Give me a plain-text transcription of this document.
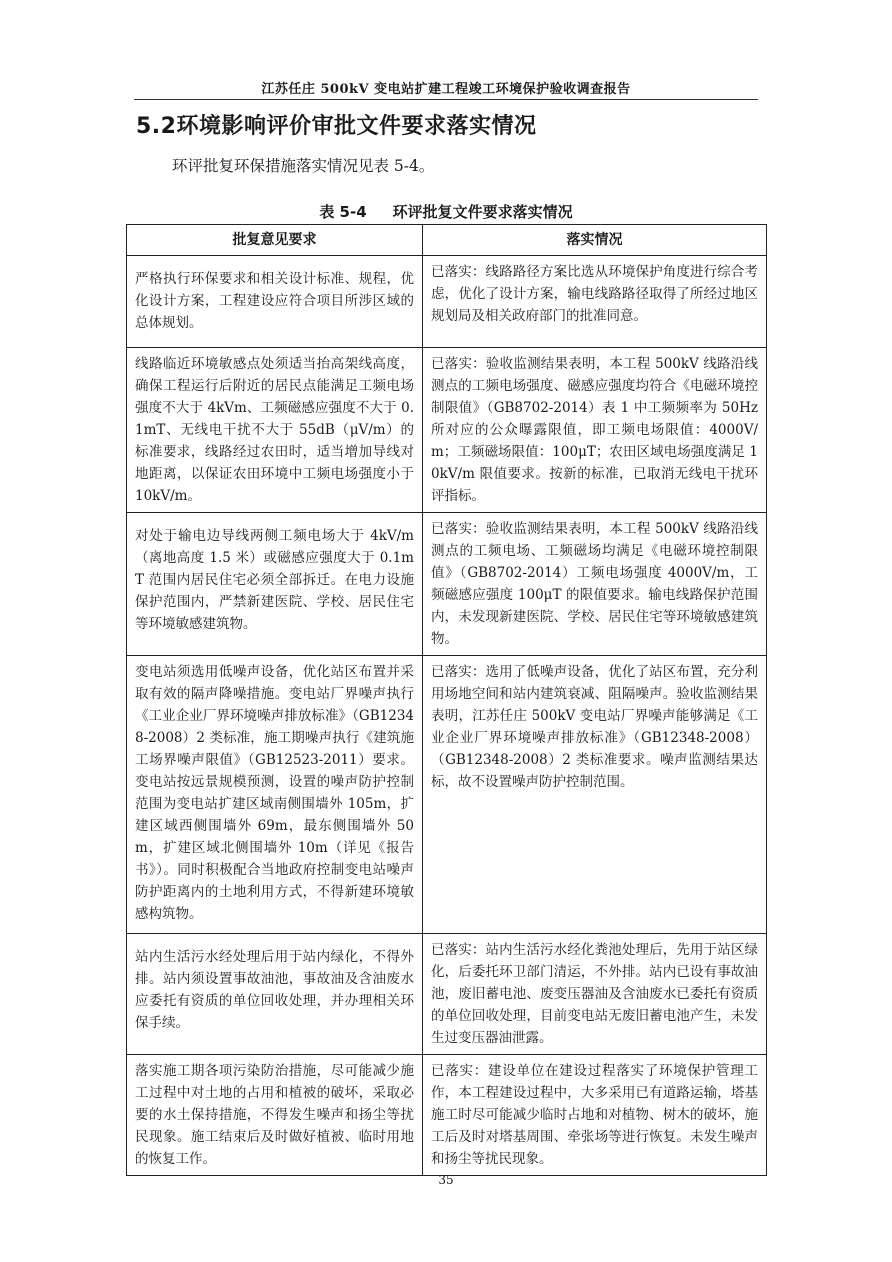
江苏任庄 500kV 变电站扩建工程竣工环境保护验收调查报告
5.2环境影响评价审批文件要求落实情况
环评批复环保措施落实情况见表 5-4。
表 5-4 环评批复文件要求落实情况
批复意见要求	落实情况
严格执行环保要求和相关设计标准、规程，优化设计方案，工程建设应符合项目所涉区域的总体规划。	已落实：线路路径方案比选从环境保护角度进行综合考虑，优化了设计方案，输电线路路径取得了所经过地区规划局及相关政府部门的批准同意。
线路临近环境敏感点处须适当抬高架线高度，确保工程运行后附近的居民点能满足工频电场强度不大于 4kVm、工频磁感应强度不大于 0.1mT、无线电干扰不大于 55dB（μV/m）的标准要求，线路经过农田时，适当增加导线对地距离，以保证农田环境中工频电场强度小于 10kV/m。	已落实：验收监测结果表明，本工程 500kV 线路沿线测点的工频电场强度、磁感应强度均符合《电磁环境控制限值》（GB8702-2014）表 1 中工频频率为 50Hz 所对应的公众曝露限值，即工频电场限值：4000V/m；工频磁场限值：100μT；农田区域电场强度满足 10kV/m 限值要求。按新的标准，已取消无线电干扰环评指标。
对处于输电边导线两侧工频电场大于 4kV/m（离地高度 1.5 米）或磁感应强度大于 0.1mT 范围内居民住宅必须全部拆迁。在电力设施保护范围内，严禁新建医院、学校、居民住宅等环境敏感建筑物。	已落实：验收监测结果表明，本工程 500kV 线路沿线测点的工频电场、工频磁场均满足《电磁环境控制限值》（GB8702-2014）工频电场强度 4000V/m，工频磁感应强度 100μT 的限值要求。输电线路保护范围内，未发现新建医院、学校、居民住宅等环境敏感建筑物。
变电站须选用低噪声设备，优化站区布置并采取有效的隔声降噪措施。变电站厂界噪声执行《工业企业厂界环境噪声排放标准》（GB12348-2008）2 类标准，施工期噪声执行《建筑施工场界噪声限值》（GB12523-2011）要求。变电站按远景规模预测，设置的噪声防护控制范围为变电站扩建区域南侧围墙外 105m，扩建区域西侧围墙外 69m，最东侧围墙外 50m，扩建区域北侧围墙外 10m（详见《报告书》）。同时积极配合当地政府控制变电站噪声防护距离内的土地利用方式，不得新建环境敏感构筑物。	已落实：选用了低噪声设备，优化了站区布置，充分利用场地空间和站内建筑衰减、阻隔噪声。验收监测结果表明，江苏任庄 500kV 变电站厂界噪声能够满足《工业企业厂界环境噪声排放标准》（GB12348-2008）（GB12348-2008）2 类标准要求。噪声监测结果达标，故不设置噪声防护控制范围。
站内生活污水经处理后用于站内绿化，不得外排。站内须设置事故油池，事故油及含油废水应委托有资质的单位回收处理，并办理相关环保手续。	已落实：站内生活污水经化粪池处理后，先用于站区绿化，后委托环卫部门清运，不外排。站内已设有事故油池，废旧蓄电池、废变压器油及含油废水已委托有资质的单位回收处理，目前变电站无废旧蓄电池产生，未发生过变压器油泄露。
落实施工期各项污染防治措施，尽可能减少施工过程中对土地的占用和植被的破坏，采取必要的水土保持措施，不得发生噪声和扬尘等扰民现象。施工结束后及时做好植被、临时用地的恢复工作。	已落实：建设单位在建设过程落实了环境保护管理工作，本工程建设过程中，大多采用已有道路运输，塔基施工时尽可能减少临时占地和对植物、树木的破坏，施工后及时对塔基周围、牵张场等进行恢复。未发生噪声和扬尘等扰民现象。
35
